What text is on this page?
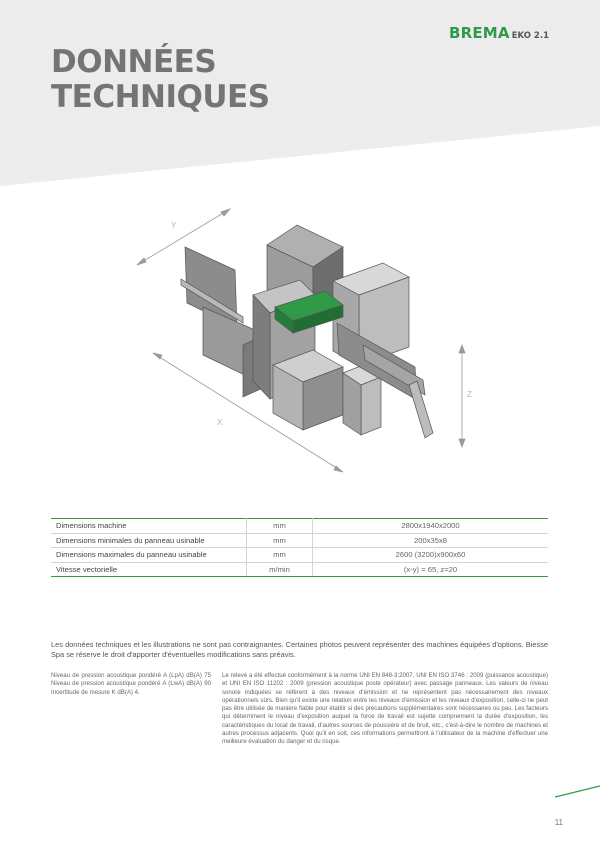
BREMA EKO 2.1
DONNÉES
TECHNIQUES
Y
X
Z
Dimensions machine	mm	2800x1940x2000
Dimensions minimales du panneau usinable	mm	200x35x8
Dimensions maximales du panneau usinable	mm	2600 (3200)x900x60
Vitesse vectorielle	m/min	(x-y) = 65, z=20

Les données techniques et les illustrations ne sont pas contraignantes. Certaines photos peuvent représenter des machines équipées d'options. Biesse Spa se réserve le droit d'apporter d'éventuelles modifications sans préavis.

Niveau de pression acoustique pondéré A (LpA) dB(A) 75 Niveau de pression acoustique pondéré A (LwA) dB(A) 90 Incertitude de mesure K dB(A) 4.

Le relevé a été effectué conformément à la norme UNI EN 848-3:2007, UNI EN ISO 3746 : 2009 (puissance acoustique) et UNI EN ISO 11202 : 2009 (pression acoustique poste opérateur) avec passage panneaux. Les valeurs de niveau sonore indiquées se réfèrent à des niveaux d'émission et ne représentent pas nécessairement des niveaux opérationnels sûrs. Bien qu'il existe une relation entre les niveaux d'émission et les niveaux d'exposition, celle-ci ne peut pas être utilisée de manière fiable pour établir si des précautions supplémentaires sont nécessaires ou pas. Les facteurs qui déterminent le niveau d'exposition auquel la force de travail est sujette comprennent la durée d'exposition, les caractéristiques du local de travail, d'autres sources de poussière et de bruit, etc., c'est-à-dire le nombre de machines et autres processus adjacents. Quoi qu'il en soit, ces informations permettront à l'utilisateur de la machine d'effectuer une meilleure évaluation du danger et du risque.

11
